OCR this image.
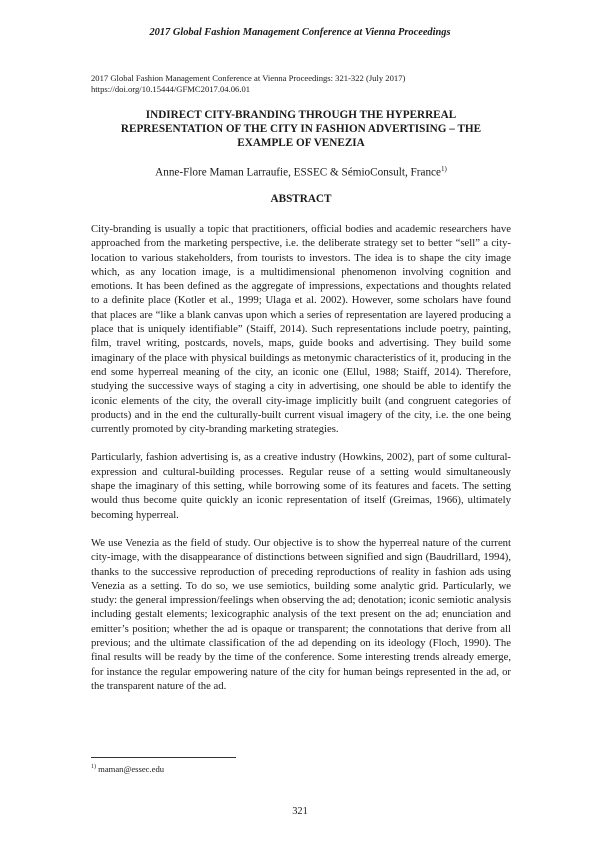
2017 Global Fashion Management Conference at Vienna Proceedings
2017 Global Fashion Management Conference at Vienna Proceedings: 321-322 (July 2017)
https://doi.org/10.15444/GFMC2017.04.06.01
INDIRECT CITY-BRANDING THROUGH THE HYPERREAL
REPRESENTATION OF THE CITY IN FASHION ADVERTISING – THE
EXAMPLE OF VENEZIA
Anne-Flore Maman Larraufie, ESSEC & SémioConsult, France$^{1)}$
ABSTRACT

City-branding is usually a topic that practitioners, official bodies and academic researchers have approached from the marketing perspective, i.e. the deliberate strategy set to better “sell” a city-location to various stakeholders, from tourists to investors. The idea is to shape the city image which, as any location image, is a multidimensional phenomenon involving cognition and emotions. It has been defined as the aggregate of impressions, expectations and thoughts related to a definite place (Kotler et al., 1999; Ulaga et al. 2002). However, some scholars have found that places are “like a blank canvas upon which a series of representation are layered producing a place that is uniquely identifiable” (Staiff, 2014). Such representations include poetry, painting, film, travel writing, postcards, novels, maps, guide books and advertising. They build some imaginary of the place with physical buildings as metonymic characteristics of it, producing in the end some hyperreal meaning of the city, an iconic one (Ellul, 1988; Staiff, 2014). Therefore, studying the successive ways of staging a city in advertising, one should be able to identify the iconic elements of the city, the overall city-image implicitly built (and congruent categories of products) and in the end the culturally-built current visual imagery of the city, i.e. the one being currently promoted by city-branding marketing strategies.

Particularly, fashion advertising is, as a creative industry (Howkins, 2002), part of some cultural-expression and cultural-building processes. Regular reuse of a setting would simultaneously shape the imaginary of this setting, while borrowing some of its features and facets. The setting would thus become quite quickly an iconic representation of itself (Greimas, 1966), ultimately becoming hyperreal.

We use Venezia as the field of study. Our objective is to show the hyperreal nature of the current city-image, with the disappearance of distinctions between signified and sign (Baudrillard, 1994), thanks to the successive reproduction of preceding reproductions of reality in fashion ads using Venezia as a setting. To do so, we use semiotics, building some analytic grid. Particularly, we study: the general impression/feelings when observing the ad; denotation; iconic semiotic analysis including gestalt elements; lexicographic analysis of the text present on the ad; enunciation and emitter’s position; whether the ad is opaque or transparent; the connotations that derive from all previous; and the ultimate classification of the ad depending on its ideology (Floch, 1990). The final results will be ready by the time of the conference. Some interesting trends already emerge, for instance the regular empowering nature of the city for human beings represented in the ad, or the transparent nature of the ad.

$^{1)}$ maman@essec.edu
321
